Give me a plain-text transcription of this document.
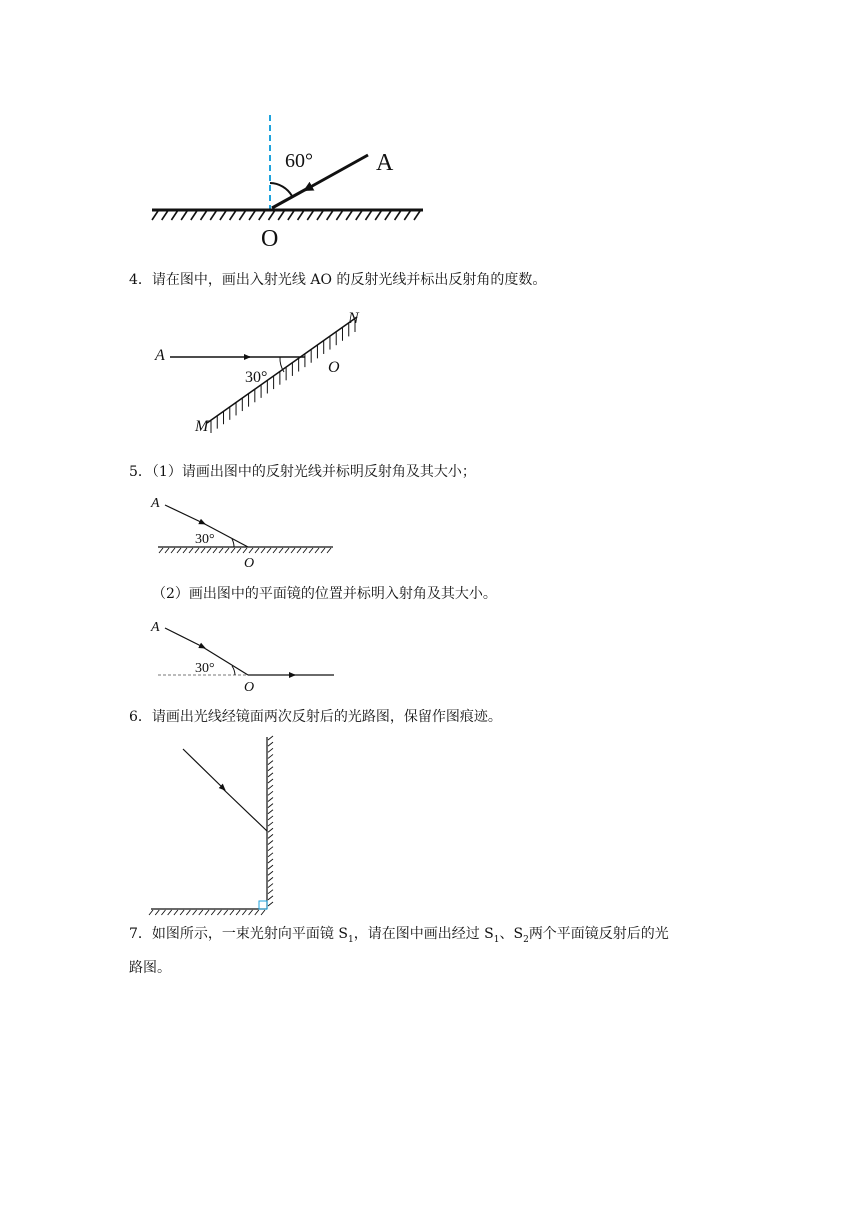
60°	A
O
4．请在图中，画出入射光线 AO 的反射光线并标出反射角的度数。
A
N
O
M
30°
5．（1）请画出图中的反射光线并标明反射角及其大小；
A
30°
O
（2）画出图中的平面镜的位置并标明入射角及其大小。
A
30°
O
6．请画出光线经镜面两次反射后的光路图，保留作图痕迹。
7．如图所示，一束光射向平面镜 $S_1$，请在图中画出经过 $S_1$、$S_2$两个平面镜反射后的光
路图。
